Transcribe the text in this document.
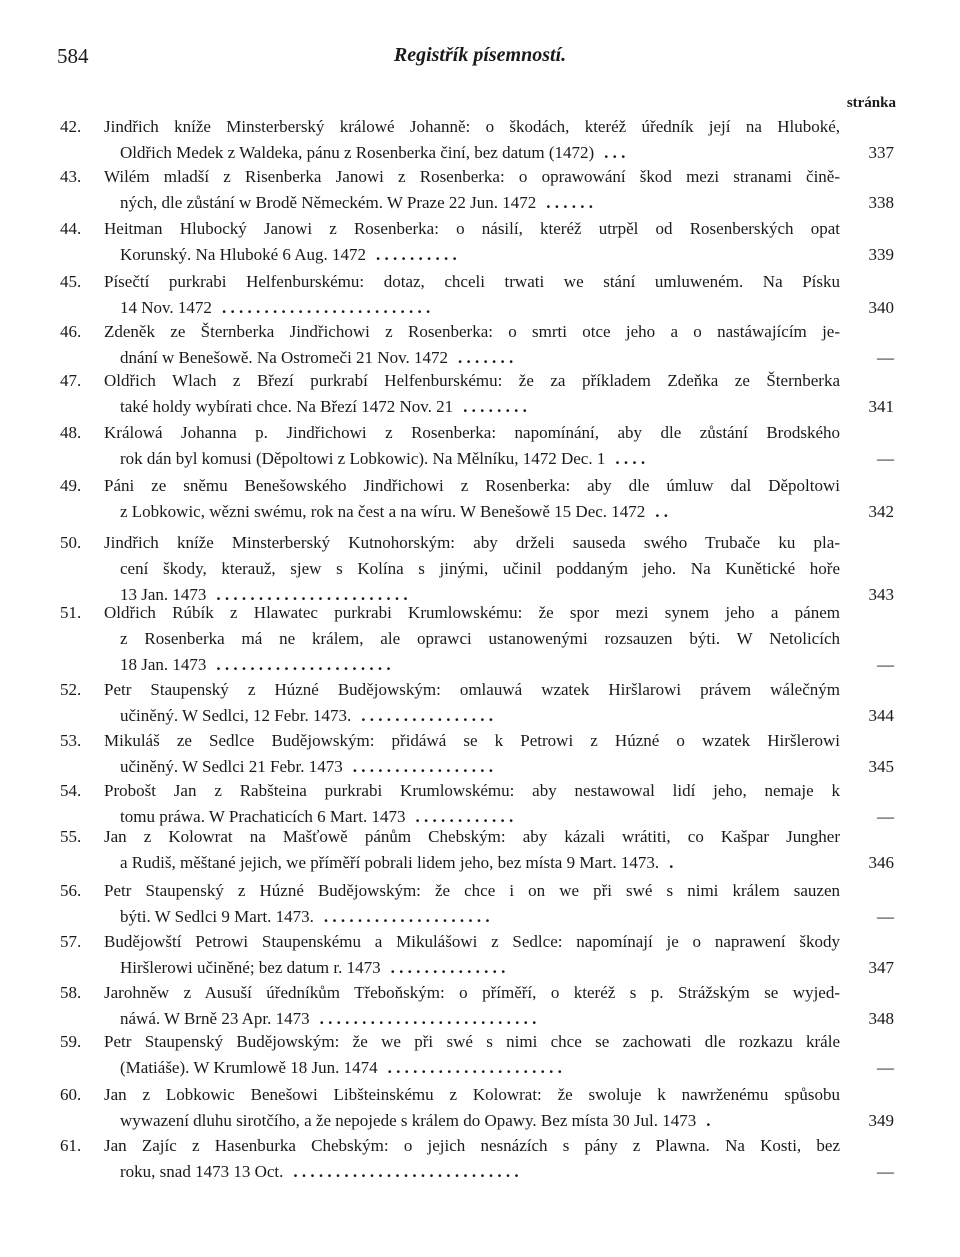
584	Registřík písemností.
stránka
42.	Jindřich kníže Minsterberský králowé Johanně: o škodách, kteréž úředník její na Hluboké,
Oldřich Medek z Waldeka, pánu z Rosenberka činí, bez datum (1472) . . .	337
43.	Wilém mladší z Risenberka Janowi z Rosenberka: o oprawowání škod mezi stranami čině-
ných, dle zůstání w Brodě Německém. W Praze 22 Jun. 1472 . . . . . .	338
44.	Heitman Hlubocký Janowi z Rosenberka: o násilí, kteréž utrpěl od Rosenberských opat
Korunský. Na Hluboké 6 Aug. 1472 . . . . . . . . . .	339
45.	Písečtí purkrabi Helfenburskému: dotaz, chceli trwati we stání umluweném. Na Písku
14 Nov. 1472 . . . . . . . . . . . . . . . . . . . . . . . . .	340
46.	Zdeněk ze Šternberka Jindřichowi z Rosenberka: o smrti otce jeho a o nastáwajícím je-
dnání w Benešowě. Na Ostromeči 21 Nov. 1472 . . . . . . .	—
47.	Oldřich Wlach z Březí purkrabí Helfenburskému: že za příkladem Zdeňka ze Šternberka
také holdy wybírati chce. Na Březí 1472 Nov. 21 . . . . . . . .	341
48.	Králowá Johanna p. Jindřichowi z Rosenberka: napomínání, aby dle zůstání Brodského
rok dán byl komusi (Děpoltowi z Lobkowic). Na Mělníku, 1472 Dec. 1 . . . .	—
49.	Páni ze sněmu Benešowského Jindřichowi z Rosenberka: aby dle úmluw dal Děpoltowi
z Lobkowic, wězni swému, rok na čest a na wíru. W Benešowě 15 Dec. 1472 . .	342
50.	Jindřich kníže Minsterberský Kutnohorským: aby drželi sauseda swého Trubače ku pla-
cení škody, kterauž, sjew s Kolína s jinými, učinil poddaným jeho. Na Kunětické hoře
13 Jan. 1473 . . . . . . . . . . . . . . . . . . . . . . .	343
51.	Oldřich Rúbík z Hlawatec purkrabi Krumlowskému: že spor mezi synem jeho a pánem
z Rosenberka má ne králem, ale oprawci ustanowenými rozsauzen býti. W Netolicích
18 Jan. 1473 . . . . . . . . . . . . . . . . . . . . .	—
52.	Petr Staupenský z Húzné Budějowským: omlauwá wzatek Hiršlarowi právem wálečným
učiněný. W Sedlci, 12 Febr. 1473. . . . . . . . . . . . . . . . .	344
53.	Mikuláš ze Sedlce Budějowským: přidáwá se k Petrowi z Húzné o wzatek Hiršlerowi
učiněný. W Sedlci 21 Febr. 1473 . . . . . . . . . . . . . . . . .	345
54.	Probošt Jan z Rabšteina purkrabi Krumlowskému: aby nestawowal lidí jeho, nemaje k
tomu práwa. W Prachaticích 6 Mart. 1473 . . . . . . . . . . . .	—
55.	Jan z Kolowrat na Mašťowě pánům Chebským: aby kázali wrátiti, co Kašpar Jungher
a Rudiš, měštané jejich, we příměří pobrali lidem jeho, bez místa 9 Mart. 1473. .	346
56.	Petr Staupenský z Húzné Budějowským: že chce i on we při swé s nimi králem sauzen
býti. W Sedlci 9 Mart. 1473. . . . . . . . . . . . . . . . . . . . .	—
57.	Budějowští Petrowi Staupenskému a Mikulášowi z Sedlce: napomínají je o naprawení škody
Hiršlerowi učiněné; bez datum r. 1473 . . . . . . . . . . . . . .	347
58.	Jarohněw z Ausuší úředníkům Třeboňským: o příměří, o kteréž s p. Strážským se wyjed-
náwá. W Brně 23 Apr. 1473 . . . . . . . . . . . . . . . . . . . . . . . . . .	348
59.	Petr Staupenský Budějowským: že we při swé s nimi chce se zachowati dle rozkazu krále
(Matiáše). W Krumlowě 18 Jun. 1474 . . . . . . . . . . . . . . . . . . . . .	—
60.	Jan z Lobkowic Benešowi Libšteinskému z Kolowrat: že swoluje k nawrženému spůsobu
wywazení dluhu sirotčího, a že nepojede s králem do Opawy. Bez místa 30 Jul. 1473 .	349
61.	Jan Zajíc z Hasenburka Chebským: o jejich nesnázích s pány z Plawna. Na Kosti, bez
roku, snad 1473 13 Oct. . . . . . . . . . . . . . . . . . . . . . . . . . . .	—
